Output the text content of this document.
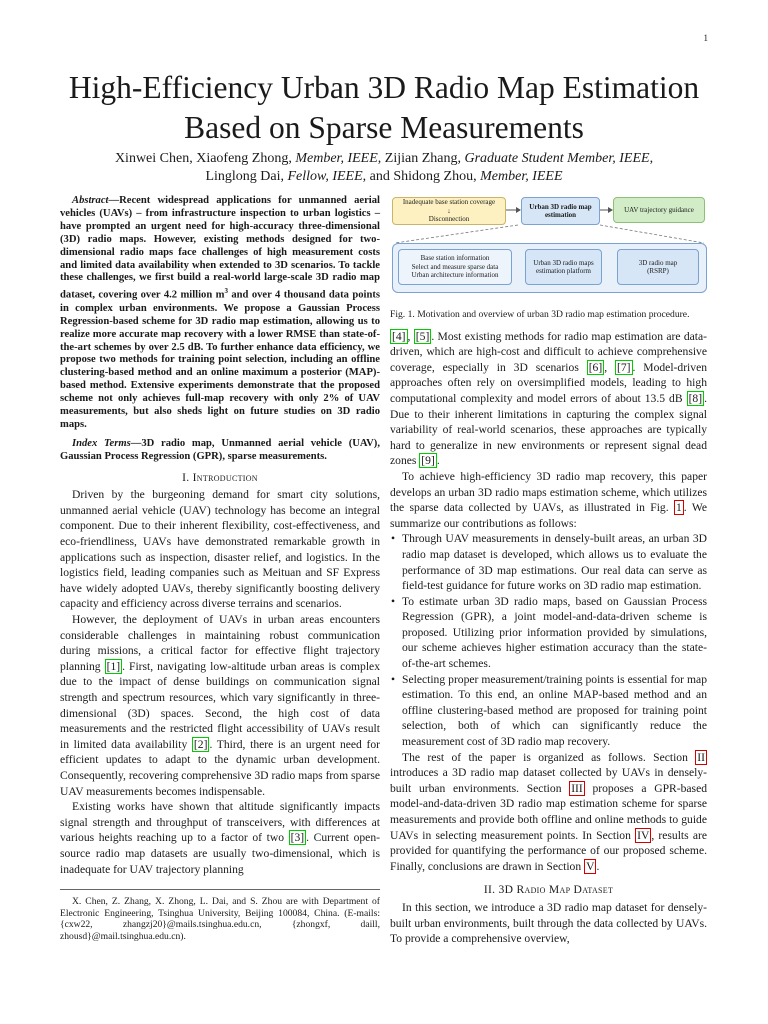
1
High-Efficiency Urban 3D Radio Map Estimation
Based on Sparse Measurements
Xinwei Chen, Xiaofeng Zhong, Member, IEEE, Zijian Zhang, Graduate Student Member, IEEE,
Linglong Dai, Fellow, IEEE, and Shidong Zhou, Member, IEEE

Abstract—Recent widespread applications for unmanned aerial vehicles (UAVs) – from infrastructure inspection to urban logistics – have prompted an urgent need for high-accuracy three-dimensional (3D) radio maps. However, existing methods designed for two-dimensional radio maps face challenges of high measurement costs and limited data availability when extended to 3D scenarios. To tackle these challenges, we first build a real-world large-scale 3D radio map dataset, covering over 4.2 million $m^3$ and over 4 thousand data points in complex urban environments. We propose a Gaussian Process Regression-based scheme for 3D radio map estimation, allowing us to realize more accurate map recovery with a lower RMSE than state-of-the-art schemes by over 2.5 dB. To further enhance data efficiency, we propose two methods for training point selection, including an offline clustering-based method and an online maximum a posterior (MAP)-based method. Extensive experiments demonstrate that the proposed scheme not only achieves full-map recovery with only 2% of UAV measurements, but also sheds light on future studies on 3D radio maps.

Index Terms—3D radio map, Unmanned aerial vehicle (UAV), Gaussian Process Regression (GPR), sparse measurements.

I. Introduction

Driven by the burgeoning demand for smart city solutions, unmanned aerial vehicle (UAV) technology has become an integral component. Due to their inherent flexibility, cost-effectiveness, and eco-friendliness, UAVs have demonstrated remarkable growth in applications such as inspection, disaster relief, and logistics. In the logistics field, leading companies such as Meituan and SF Express have widely adopted UAVs, thereby significantly boosting delivery capacity and efficiency across diverse terrains and scenarios.

However, the deployment of UAVs in urban areas encounters considerable challenges in maintaining robust communication during missions, a critical factor for effective flight trajectory planning [1] . First, navigating low-altitude urban areas is complex due to the impact of dense buildings on communication signal strength and spectrum resources, which vary significantly in three-dimensional (3D) spaces. Second, the high cost of data measurements and the restricted flight accessibility of UAVs result in limited data availability [2] . Third, there is an urgent need for efficient updates to adapt to the dynamic urban development. Consequently, recovering comprehensive 3D radio maps from sparse UAV measurements becomes indispensable.

Existing works have shown that altitude significantly impacts signal strength and throughput of transceivers, with differences at various heights reaching up to a factor of two [3] . Current open-source radio map datasets are usually two-dimensional, which is inadequate for UAV trajectory planning

X. Chen, Z. Zhang, X. Zhong, L. Dai, and S. Zhou are with Department of Electronic Engineering, Tsinghua University, Beijing 100084, China. (E-mails: {cxw22, zhangzj20}@mails.tsinghua.edu.cn, {zhongxf, daill, zhousd}@mail.tsinghua.edu.cn).

Inadequate base station coverage
↓
Disconnection
Urban 3D radio map estimation
UAV trajectory guidance
Base station information
Select and measure sparse data
Urban architecture information
Urban 3D radio maps estimation platform
3D radio map
(RSRP)
Fig. 1. Motivation and overview of urban 3D radio map estimation procedure.

[4] , [5] . Most existing methods for radio map estimation are data-driven, which are high-cost and difficult to achieve comprehensive coverage, especially in 3D scenarios [6] , [7] . Model-driven approaches often rely on oversimplified models, leading to high computational complexity and model errors of about 13.5 dB [8] . Due to their inherent limitations in capturing the complex signal variability of real-world scenarios, these approaches are typically hard to generalize in new environments or represent signal dead zones [9] .

To achieve high-efficiency 3D radio map recovery, this paper develops an urban 3D radio maps estimation scheme, which utilizes the sparse data collected by UAVs, as illustrated in Fig. 1 . We summarize our contributions as follows:

• Through UAV measurements in densely-built areas, an urban 3D radio map dataset is developed, which allows us to evaluate the performance of 3D map estimations. Our real data can serve as field-test guidance for future works on 3D radio map estimation.
• To estimate urban 3D radio maps, based on Gaussian Process Regression (GPR), a joint model-and-data-driven scheme is proposed. Utilizing prior information provided by simulations, our scheme achieves higher estimation accuracy than the state-of-the-art schemes.
• Selecting proper measurement/training points is essential for map estimation. To this end, an online MAP-based method and an offline clustering-based method are proposed for training point selection, both of which can significantly reduce the measurement cost of 3D radio map recovery.

The rest of the paper is organized as follows. Section II introduces a 3D radio map dataset collected by UAVs in densely-built urban environments. Section III proposes a GPR-based model-and-data-driven 3D radio map estimation scheme for sparse measurements and provide both offline and online methods to guide UAVs in selecting measurement points. In Section IV , results are provided for quantifying the performance of our proposed scheme. Finally, conclusions are drawn in Section V .

II. 3D Radio Map Dataset

In this section, we introduce a 3D radio map dataset for densely-built urban environments, built through the data collected by UAVs. To provide a comprehensive overview,
